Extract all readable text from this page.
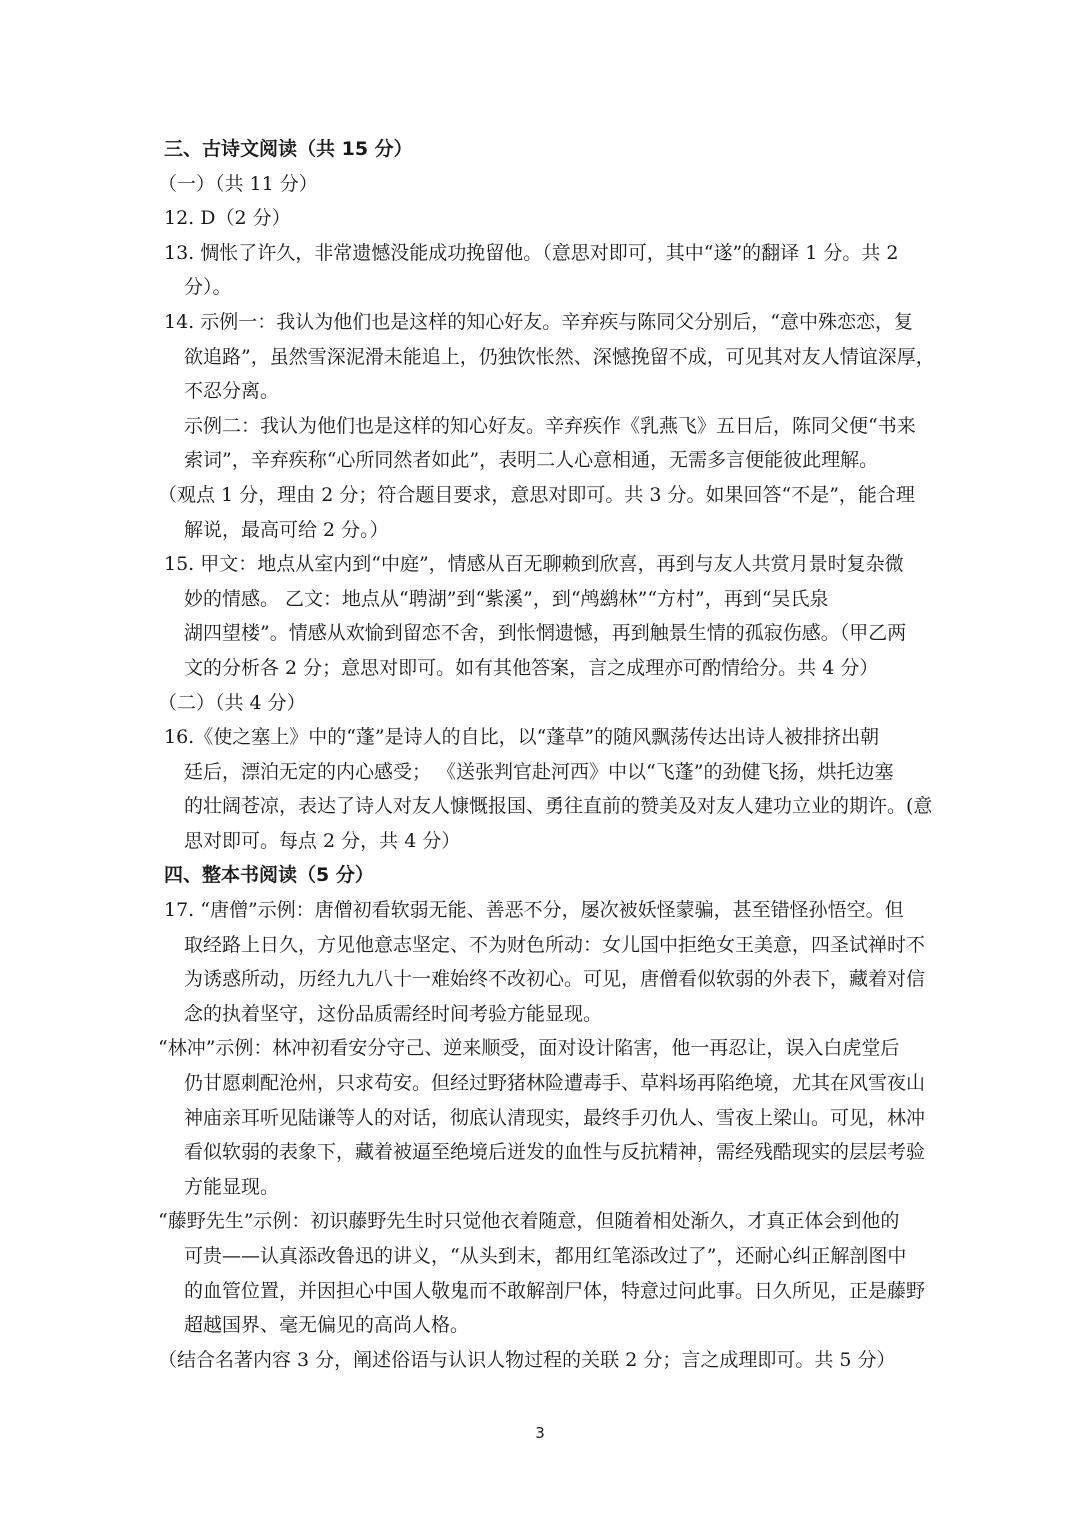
三、古诗文阅读（共 15 分）
（一）（共 11 分）
12. D（2 分）
13. 惆怅了许久，非常遗憾没能成功挽留他。（意思对即可，其中“遂”的翻译 1 分。共 2
分）。
14. 示例一：我认为他们也是这样的知心好友。辛弃疾与陈同父分别后，“意中殊恋恋，复
欲追路”，虽然雪深泥滑未能追上，仍独饮怅然、深憾挽留不成，可见其对友人情谊深厚，
不忍分离。
示例二：我认为他们也是这样的知心好友。辛弃疾作《乳燕飞》五日后，陈同父便“书来
索词”，辛弃疾称“心所同然者如此”，表明二人心意相通，无需多言便能彼此理解。
（观点 1 分，理由 2 分；符合题目要求，意思对即可。共 3 分。如果回答“不是”，能合理
解说，最高可给 2 分。）
15. 甲文：地点从室内到“中庭”，情感从百无聊赖到欣喜，再到与友人共赏月景时复杂微
妙的情感。 乙文：地点从“聘湖”到“紫溪”，到“鸬鹚林”“方村”，再到“吴氏泉
湖四望楼”。情感从欢愉到留恋不舍，到怅惘遗憾，再到触景生情的孤寂伤感。（甲乙两
文的分析各 2 分；意思对即可。如有其他答案，言之成理亦可酌情给分。共 4 分）
（二）（共 4 分）
16.《使之塞上》中的“蓬”是诗人的自比，以“蓬草”的随风飘荡传达出诗人被排挤出朝
廷后，漂泊无定的内心感受； 《送张判官赴河西》中以“飞蓬”的劲健飞扬，烘托边塞
的壮阔苍凉，表达了诗人对友人慷慨报国、勇往直前的赞美及对友人建功立业的期许。(意
思对即可。每点 2 分，共 4 分）
四、整本书阅读（5 分）
17. “唐僧”示例：唐僧初看软弱无能、善恶不分，屡次被妖怪蒙骗，甚至错怪孙悟空。但
取经路上日久，方见他意志坚定、不为财色所动：女儿国中拒绝女王美意，四圣试禅时不
为诱惑所动，历经九九八十一难始终不改初心。可见，唐僧看似软弱的外表下，藏着对信
念的执着坚守，这份品质需经时间考验方能显现。
“林冲”示例：林冲初看安分守己、逆来顺受，面对设计陷害，他一再忍让，误入白虎堂后
仍甘愿刺配沧州，只求苟安。但经过野猪林险遭毒手、草料场再陷绝境，尤其在风雪夜山
神庙亲耳听见陆谦等人的对话，彻底认清现实，最终手刃仇人、雪夜上梁山。可见，林冲
看似软弱的表象下，藏着被逼至绝境后迸发的血性与反抗精神，需经残酷现实的层层考验
方能显现。
“藤野先生”示例：初识藤野先生时只觉他衣着随意，但随着相处渐久，才真正体会到他的
可贵——认真添改鲁迅的讲义，“从头到末，都用红笔添改过了”，还耐心纠正解剖图中
的血管位置，并因担心中国人敬鬼而不敢解剖尸体，特意过问此事。日久所见，正是藤野
超越国界、毫无偏见的高尚人格。
（结合名著内容 3 分，阐述俗语与认识人物过程的关联 2 分；言之成理即可。共 5 分）
3
